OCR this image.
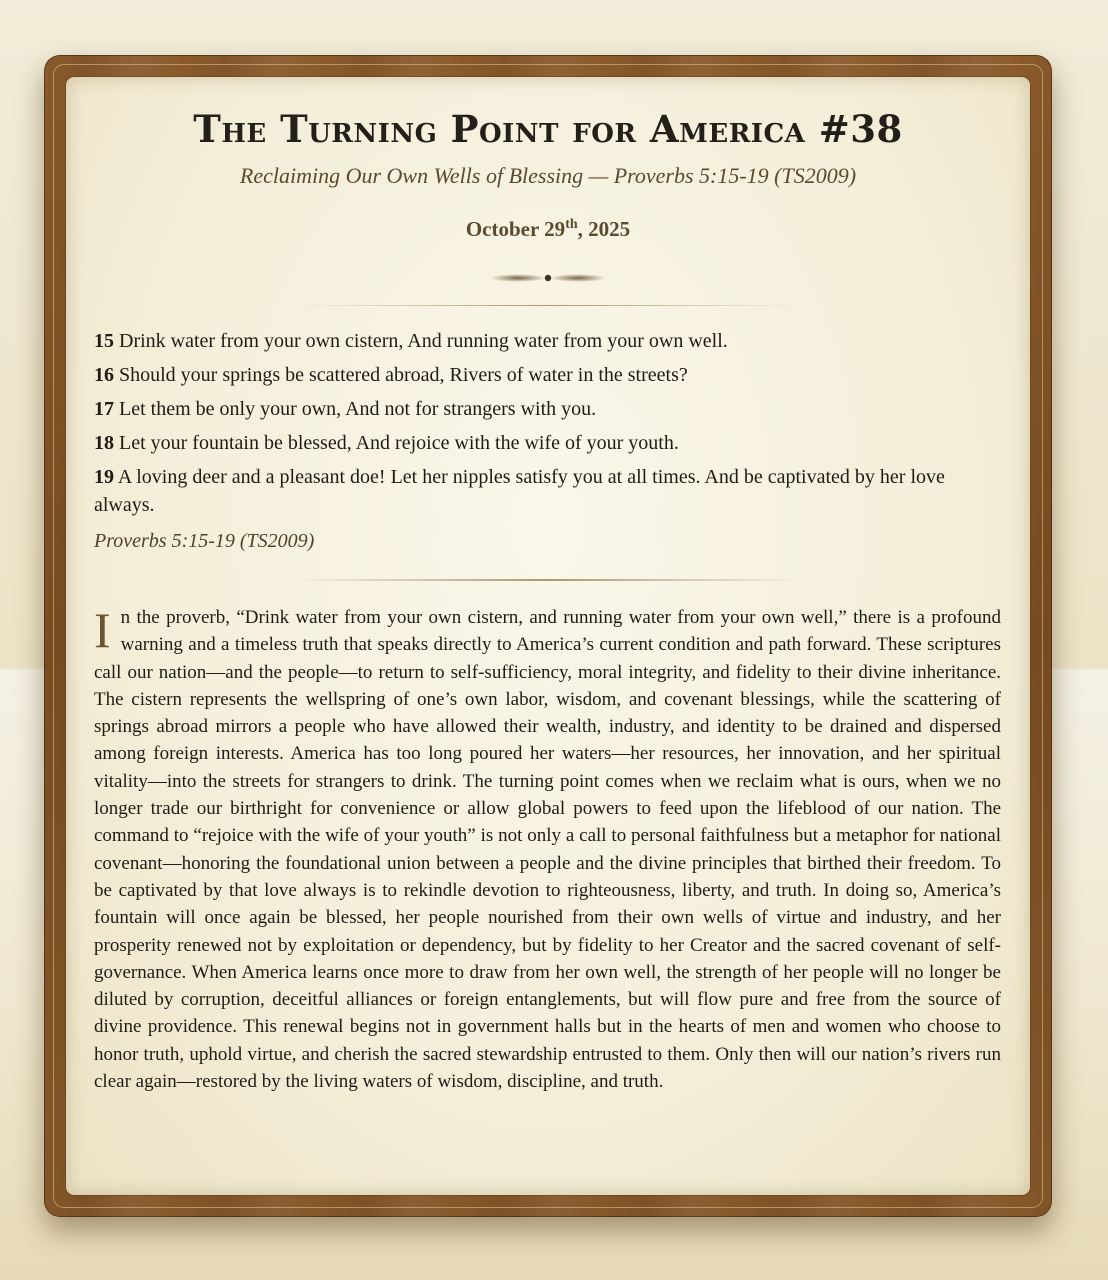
The Turning Point for America #38

Reclaiming Our Own Wells of Blessing — Proverbs 5:15-19 (TS2009)

October 29th, 2025

15 Drink water from your own cistern, And running water from your own well.
16 Should your springs be scattered abroad, Rivers of water in the streets?
17 Let them be only your own, And not for strangers with you.
18 Let your fountain be blessed, And rejoice with the wife of your youth.
19 A loving deer and a pleasant doe! Let her nipples satisfy you at all times. And be captivated by her love always.

Proverbs 5:15-19 (TS2009)

In the proverb, “Drink water from your own cistern, and running water from your own well,” there is a profound warning and a timeless truth that speaks directly to America’s current condition and path forward. These scriptures call our nation—and the people—to return to self-sufficiency, moral integrity, and fidelity to their divine inheritance. The cistern represents the wellspring of one’s own labor, wisdom, and covenant blessings, while the scattering of springs abroad mirrors a people who have allowed their wealth, industry, and identity to be drained and dispersed among foreign interests. America has too long poured her waters—her resources, her innovation, and her spiritual vitality—into the streets for strangers to drink. The turning point comes when we reclaim what is ours, when we no longer trade our birthright for convenience or allow global powers to feed upon the lifeblood of our nation. The command to “rejoice with the wife of your youth” is not only a call to personal faithfulness but a metaphor for national covenant—honoring the foundational union between a people and the divine principles that birthed their freedom. To be captivated by that love always is to rekindle devotion to righteousness, liberty, and truth. In doing so, America’s fountain will once again be blessed, her people nourished from their own wells of virtue and industry, and her prosperity renewed not by exploitation or dependency, but by fidelity to her Creator and the sacred covenant of self-governance. When America learns once more to draw from her own well, the strength of her people will no longer be diluted by corruption, deceitful alliances or foreign entanglements, but will flow pure and free from the source of divine providence. This renewal begins not in government halls but in the hearts of men and women who choose to honor truth, uphold virtue, and cherish the sacred stewardship entrusted to them. Only then will our nation’s rivers run clear again—restored by the living waters of wisdom, discipline, and truth.
